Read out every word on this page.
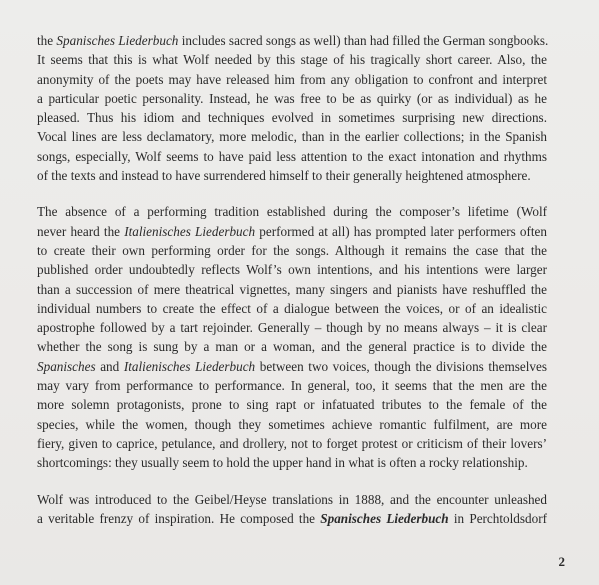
the Spanisches Liederbuch includes sacred songs as well) than had filled the German songbooks.
It seems that this is what Wolf needed by this stage of his tragically short career. Also, the
anonymity of the poets may have released him from any obligation to confront and interpret
a particular poetic personality. Instead, he was free to be as quirky (or as individual) as he
pleased. Thus his idiom and techniques evolved in sometimes surprising new directions.
Vocal lines are less declamatory, more melodic, than in the earlier collections; in the Spanish
songs, especially, Wolf seems to have paid less attention to the exact intonation and rhythms
of the texts and instead to have surrendered himself to their generally heightened atmosphere.
The absence of a performing tradition established during the composer’s lifetime (Wolf
never heard the Italienisches Liederbuch performed at all) has prompted later performers often
to create their own performing order for the songs. Although it remains the case that the
published order undoubtedly reflects Wolf’s own intentions, and his intentions were larger
than a succession of mere theatrical vignettes, many singers and pianists have reshuffled the
individual numbers to create the effect of a dialogue between the voices, or of an idealistic
apostrophe followed by a tart rejoinder. Generally – though by no means always – it is clear
whether the song is sung by a man or a woman, and the general practice is to divide the
Spanisches and Italienisches Liederbuch between two voices, though the divisions themselves
may vary from performance to performance. In general, too, it seems that the men are the
more solemn protagonists, prone to sing rapt or infatuated tributes to the female of the
species, while the women, though they sometimes achieve romantic fulfilment, are more
fiery, given to caprice, petulance, and drollery, not to forget protest or criticism of their lovers’
shortcomings: they usually seem to hold the upper hand in what is often a rocky relationship.
Wolf was introduced to the Geibel/Heyse translations in 1888, and the encounter unleashed
a veritable frenzy of inspiration. He composed the Spanisches Liederbuch in Perchtoldsdorf
2
